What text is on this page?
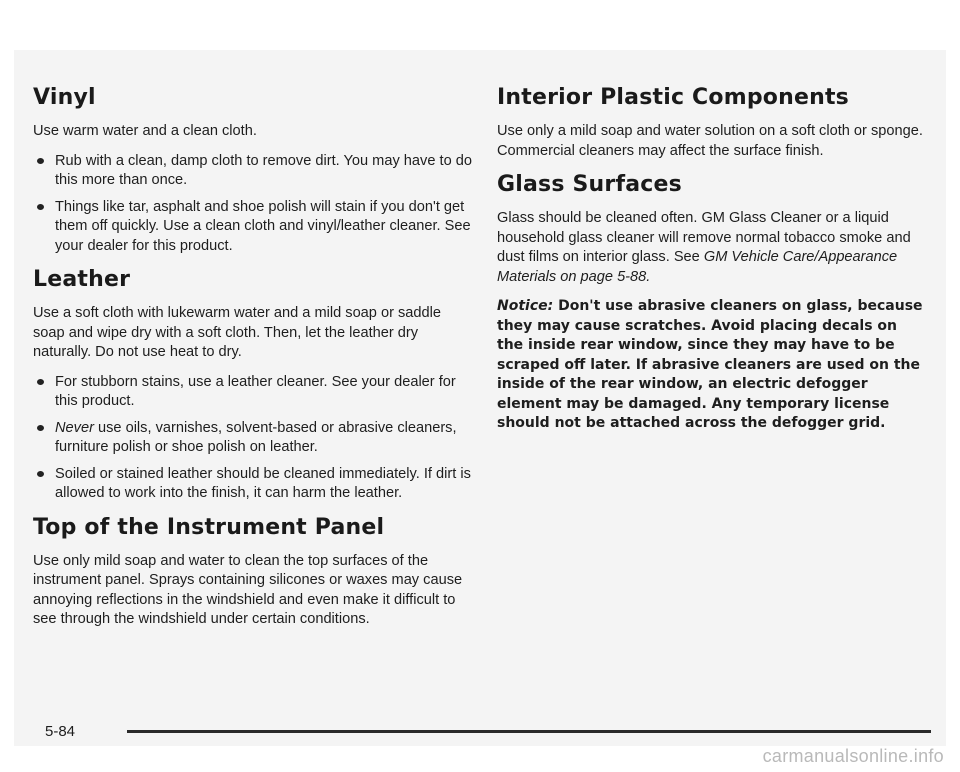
Vinyl

Use warm water and a clean cloth.

Rub with a clean, damp cloth to remove dirt. You may have to do this more than once.
Things like tar, asphalt and shoe polish will stain if you don't get them off quickly. Use a clean cloth and vinyl/leather cleaner. See your dealer for this product.
Leather

Use a soft cloth with lukewarm water and a mild soap or saddle soap and wipe dry with a soft cloth. Then, let the leather dry naturally. Do not use heat to dry.

For stubborn stains, use a leather cleaner. See your dealer for this product.
Never use oils, varnishes, solvent-based or abrasive cleaners, furniture polish or shoe polish on leather.
Soiled or stained leather should be cleaned immediately. If dirt is allowed to work into the finish, it can harm the leather.
Top of the Instrument Panel

Use only mild soap and water to clean the top surfaces of the instrument panel. Sprays containing silicones or waxes may cause annoying reflections in the windshield and even make it difficult to see through the windshield under certain conditions.

Interior Plastic Components

Use only a mild soap and water solution on a soft cloth or sponge. Commercial cleaners may affect the surface finish.

Glass Surfaces

Glass should be cleaned often. GM Glass Cleaner or a liquid household glass cleaner will remove normal tobacco smoke and dust films on interior glass. See GM Vehicle Care/Appearance Materials on page 5-88.

Notice: Don't use abrasive cleaners on glass, because they may cause scratches. Avoid placing decals on the inside rear window, since they may have to be scraped off later. If abrasive cleaners are used on the inside of the rear window, an electric defogger element may be damaged. Any temporary license should not be attached across the defogger grid.

5-84
carmanualsonline.info
